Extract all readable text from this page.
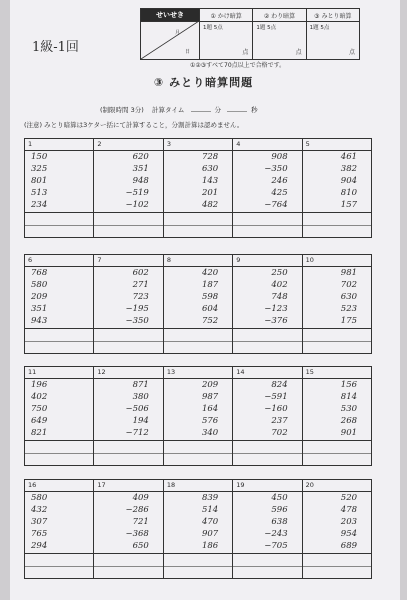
1級-1回
せいせき
月
日
① かけ暗算
1題 5点
点
② わり暗算
1題 5点
点
③ みとり暗算
1題 5点
点
①②③すべて70点以上で合格です。
③ みとり暗算問題
(制限時間 3分) 計算タイム	分	秒
(注意) みとり暗算は3ケター括にて計算すること，分割計算は認めません。
1
150
325
801
513
234
2
620
351
948
−519
−102
3
728
630
143
201
482
4
908
−350
246
425
−764
5
461
382
904
810
157
6
768
580
209
351
943
7
602
271
723
−195
−350
8
420
187
598
604
752
9
250
402
748
−123
−376
10
981
702
630
523
175
11
196
402
750
649
821
12
871
380
−506
194
−712
13
209
987
164
576
340
14
824
−591
−160
237
702
15
156
814
530
268
901
16
580
432
307
765
294
17
409
−286
721
−368
650
18
839
514
470
907
186
19
450
596
638
−243
−705
20
520
478
203
954
689
